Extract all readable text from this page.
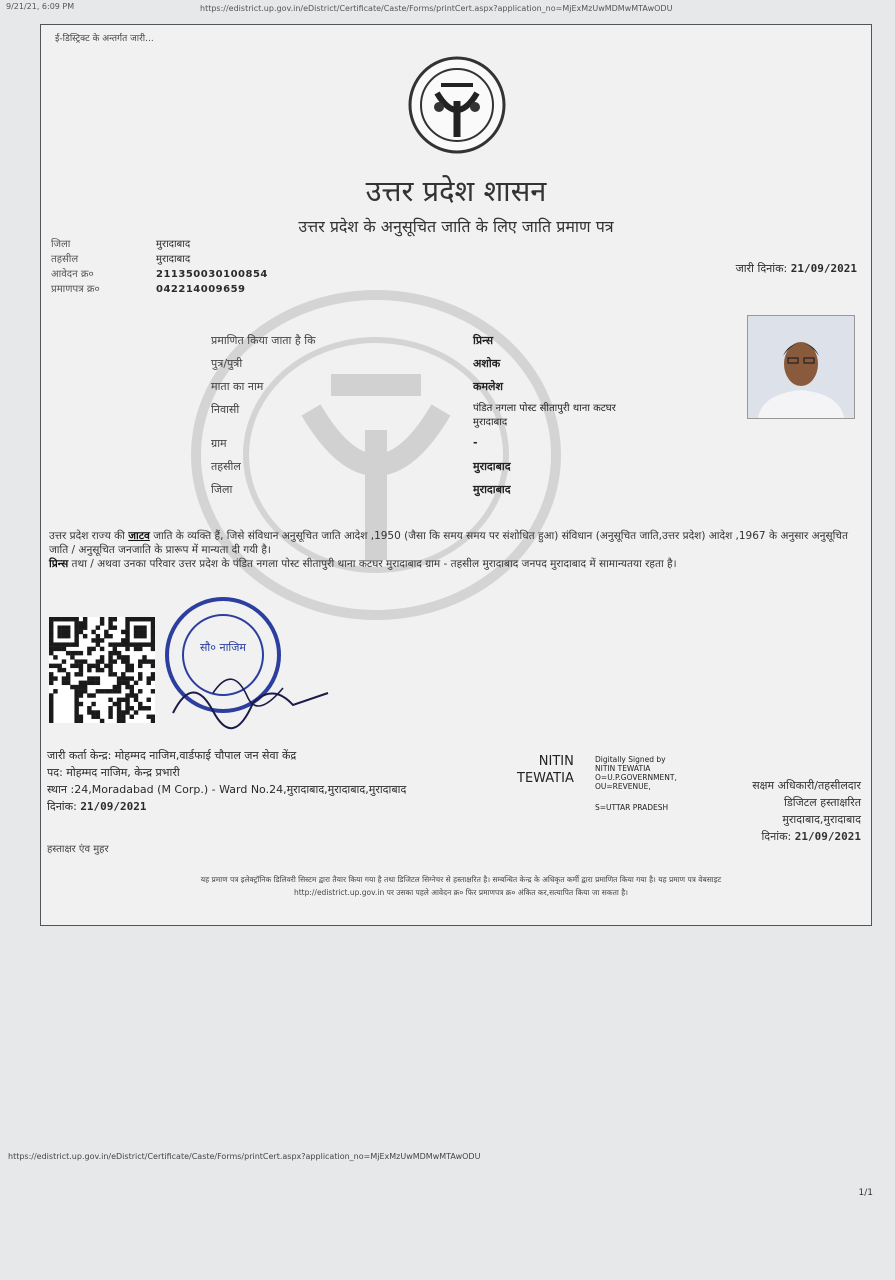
9/21/21, 6:09 PM	https://edistrict.up.gov.in/eDistrict/Certificate/Caste/Forms/printCert.aspx?application_no=MjExMzUwMDMwMTAwODU
ई-डिस्ट्रिक्ट के अन्तर्गत जारी...
उत्तर प्रदेश शासन
उत्तर प्रदेश के अनुसूचित जाति के लिए जाति प्रमाण पत्र
जिला	मुरादाबाद
तहसील	मुरादाबाद
आवेदन क्र०	211350030100854
प्रमाणपत्र क्र०	042214009659
जारी दिनांक: 21/09/2021
प्रमाणित किया जाता है कि	प्रिन्स
पुत्र/पुत्री	अशोक
माता का नाम	कमलेश
निवासी	पंडित नगला पोस्ट सीतापुरी थाना कटघर
मुरादाबाद
ग्राम	-
तहसील	मुरादाबाद
जिला	मुरादाबाद
उत्तर प्रदेश राज्य की जाटव जाति के व्यक्ति हैं, जिसे संविधान अनुसूचित जाति आदेश ,1950 (जैसा कि समय समय पर संशोधित हुआ) संविधान (अनुसूचित जाति,उत्तर प्रदेश) आदेश ,1967 के अनुसार अनुसूचित जाति / अनुसूचित जनजाति के प्रारूप में मान्यता दी गयी है।
प्रिन्स तथा / अथवा उनका परिवार उत्तर प्रदेश के पंडित नगला पोस्ट सीतापुरी थाना कटघर मुरादाबाद ग्राम - तहसील मुरादाबाद जनपद मुरादाबाद में सामान्यतया रहता है।
सौ० नाजिम
जारी कर्ता केन्द्र: मोहम्मद नाजिम,वार्डफाई चौपाल जन सेवा केंद्र
पद: मोहम्मद नाजिम, केन्द्र प्रभारी
स्थान :24,Moradabad (M Corp.) - Ward No.24,मुरादाबाद,मुरादाबाद,मुरादाबाद
दिनांक: 21/09/2021
हस्ताक्षर एंव मुहर
NITIN
TEWATIA
Digitally Signed by
NITIN TEWATIA
O=U.P.GOVERNMENT,
OU=REVENUE,
S=UTTAR PRADESH
सक्षम अधिकारी/तहसीलदार
डिजिटल हस्ताक्षरित
मुरादाबाद,मुरादाबाद
दिनांक: 21/09/2021
यह प्रमाण पत्र इलेक्ट्रॉनिक डिलिवरी सिस्टम द्वारा तैयार किया गया है तथा डिजिटल सिग्नेचर से हस्ताक्षरित है। सम्बन्धित केन्द्र के अधिकृत कर्मी द्वारा प्रमाणित किया गया है। यह प्रमाण पत्र वेबसाइट
http://edistrict.up.gov.in पर उसका पहले आवेदन क्र० फिर प्रमाणपत्र क्र० अंकित कर,सत्यापित किया जा सकता है।
https://edistrict.up.gov.in/eDistrict/Certificate/Caste/Forms/printCert.aspx?application_no=MjExMzUwMDMwMTAwODU
1/1
